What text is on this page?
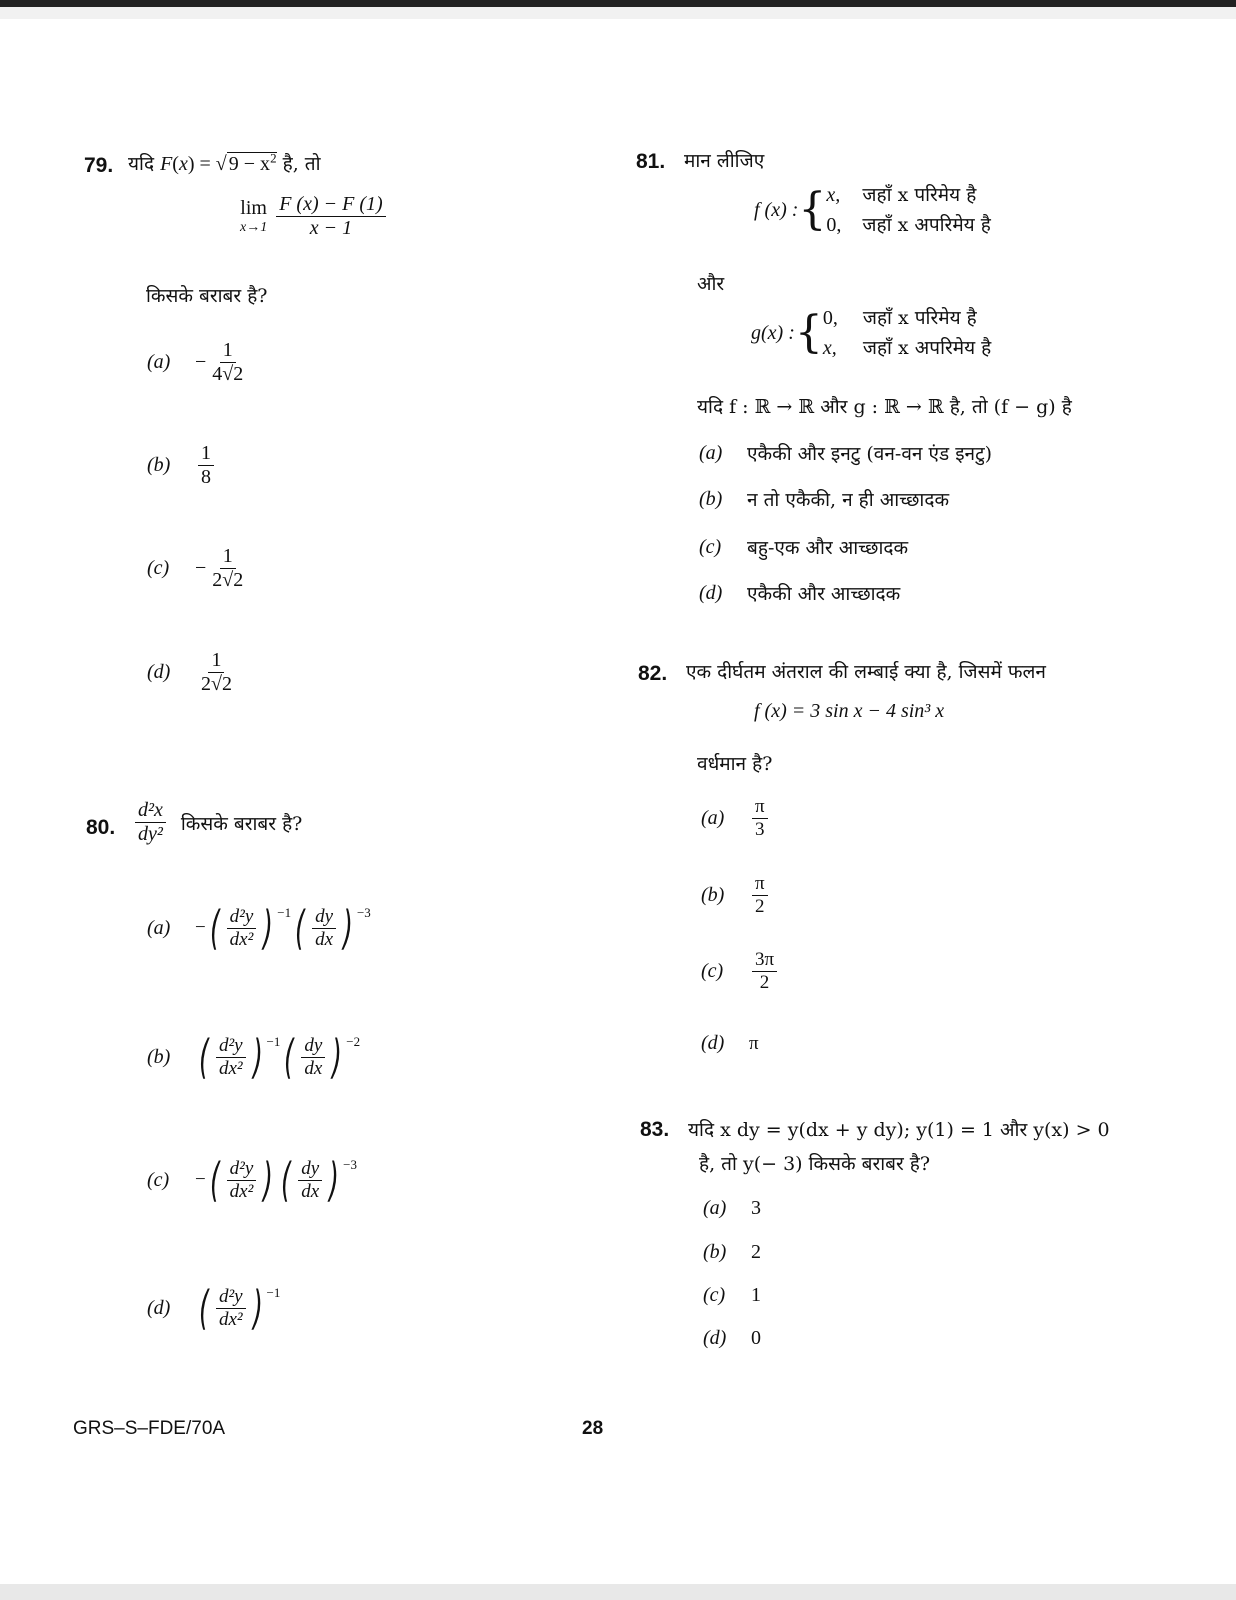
79. यदि F(x) = √ $9 - x^2$ है, तो
lim
$x\to 1 \frac{F (x) - F (1)}{x - 1}$
किसके बराबर है?
(a)	− $\frac{1}{4√2}$
(b)	$\frac{1}{8}$
(c)	− $\frac{1}{2√2}$
(d)	$\frac{1}{2√2}$
80. $\frac{\text{d²x}}{\text{dy²}}$ किसके बराबर है?
(a)	− ( $\frac{\text{d²y}}{\text{dx²}}$ ) $^{-1}$ ( $\frac{dy}{dx}$ ) $^{-3}$
(b) ( $\frac{\text{d²y}}{\text{dx²}}$ ) $^{-1}$ ( $\frac{dy}{dx}$ ) $^{-2}$
(c)	− ( $\frac{\text{d²y}}{\text{dx²}}$ ) ( $\frac{dy}{dx}$ ) $^{-3}$
(d) ( $\frac{\text{d²y}}{\text{dx²}}$ ) $^{-1}$
81. मान लीजिए
f (x) : { x, जहाँ x परिमेय है
0, जहाँ x अपरिमेय है
और
g(x) : { 0, जहाँ x परिमेय है
x, जहाँ x अपरिमेय है
यदि f : ℝ → ℝ और g : ℝ → ℝ है, तो (f − g) है
(a)	एकैकी और इनटु (वन-वन एंड इनटु)
(b)	न तो एकैकी, न ही आच्छादक
(c)	बहु-एक और आच्छादक
(d)	एकैकी और आच्छादक
82. एक दीर्घतम अंतराल की लम्बाई क्या है, जिसमें फलन
f (x) = 3 sin x − 4 sin³ x
वर्धमान है?
(a)	$\frac{\pi}{3}$
(b)	$\frac{\pi}{2}$
(c)	$\frac{3\pi}{2}$
(d)	π
83. यदि x dy = y(dx + y dy); y(1) = 1 और y(x) > 0
है, तो y(− 3) किसके बराबर है?
(a)	3
(b)	2
(c)	1
(d)	0
GRS–S–FDE/70A	28
